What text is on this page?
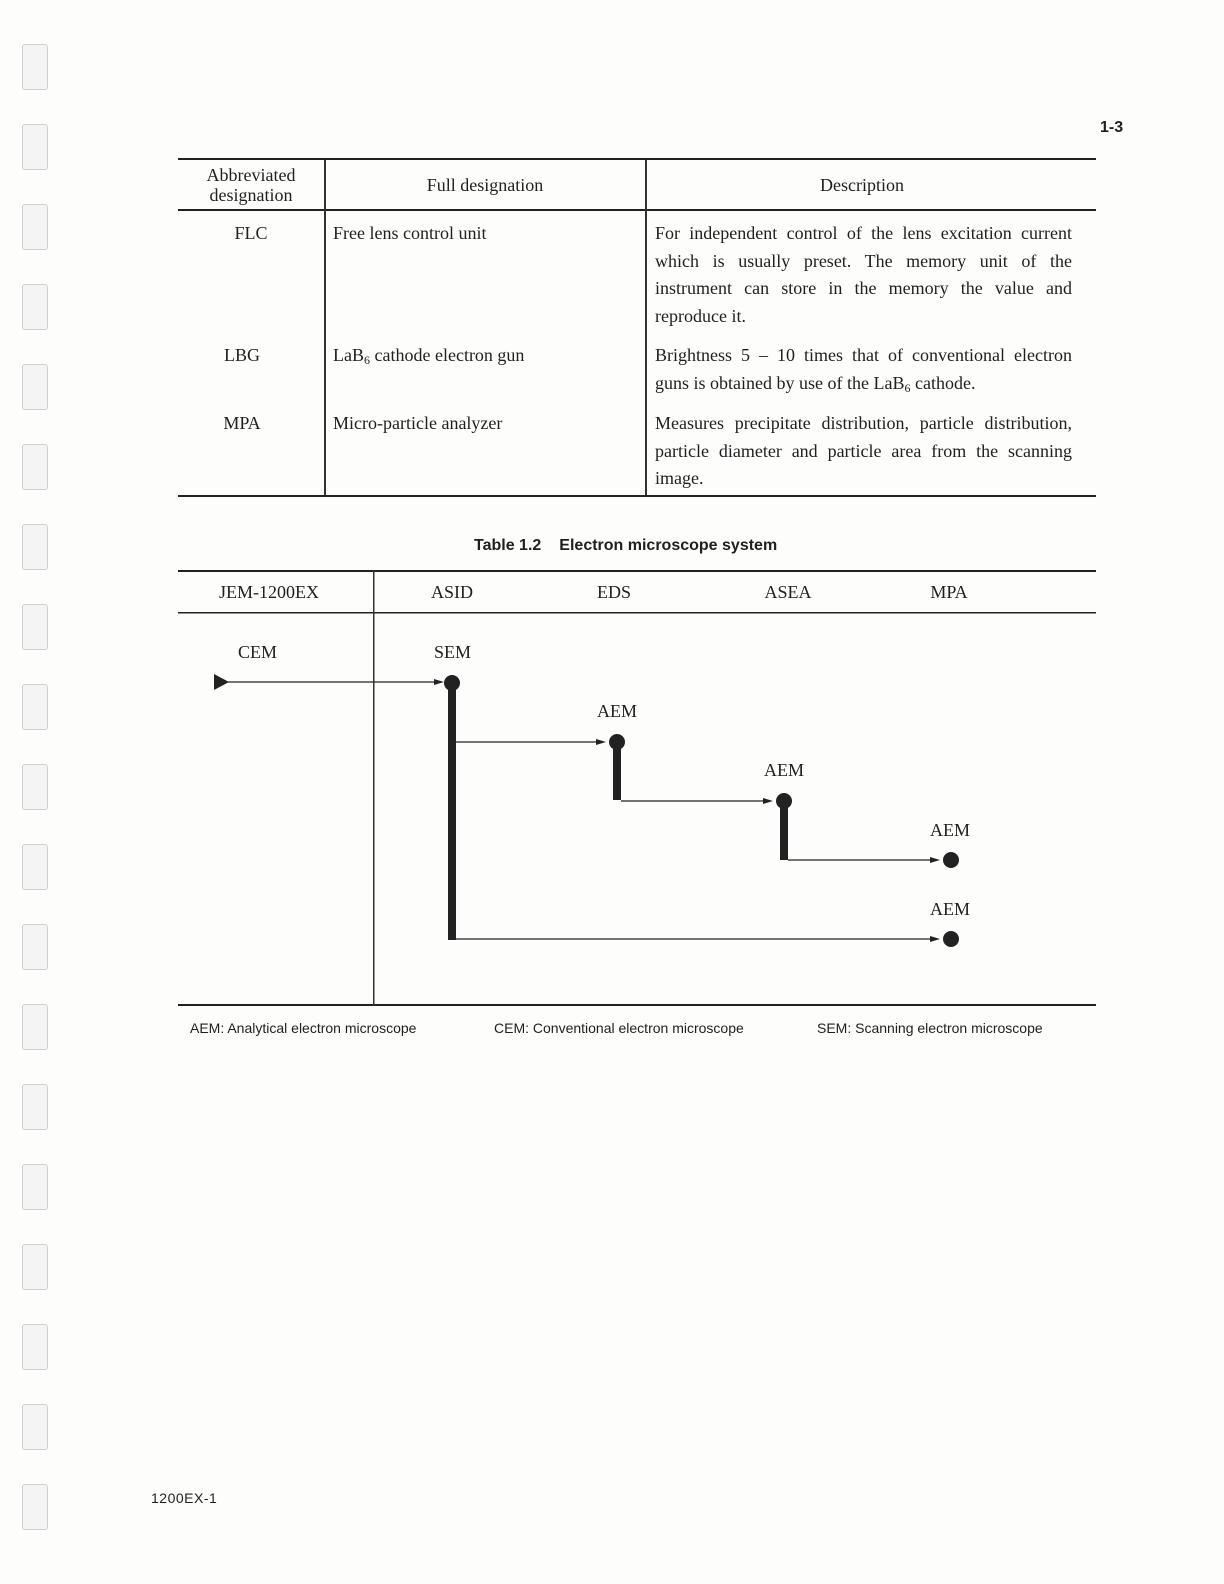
1-3
Abbreviated designation	Full designation	Description
FLC	Free lens control unit	For independent control of the lens excitation current which is usually preset. The memory unit of the instrument can store in the memory the value and reproduce it.
LBG	LaB$_6$ cathode electron gun	Brightness 5 – 10 times that of conventional electron guns is obtained by use of the LaB$_6$ cathode.
MPA	Micro-particle analyzer	Measures precipitate distribution, particle distribution, particle diameter and particle area from the scanning image.
Table 1.2 Electron microscope system
JEM-1200EX	ASID	EDS	ASEA	MPA
CEM	SEM
AEM
AEM
AEM
AEM
AEM: Analytical electron microscope	CEM: Conventional electron microscope	SEM: Scanning electron microscope
1200EX-1
